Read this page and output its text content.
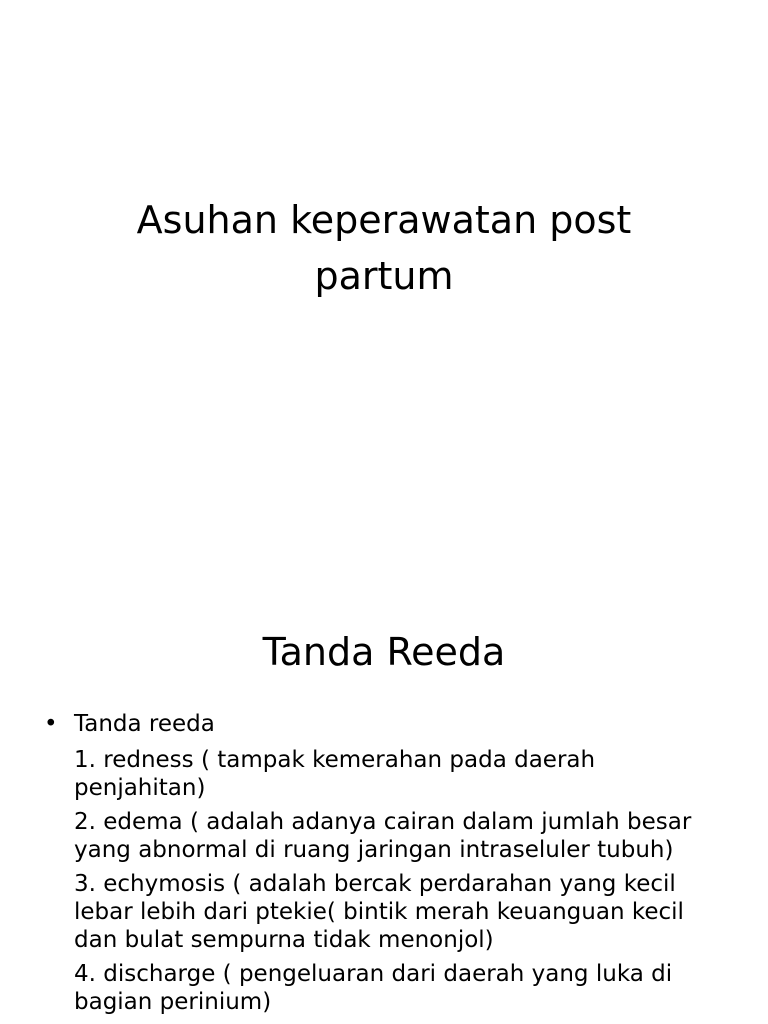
Asuhan keperawatan post
partum
Tanda Reeda
• Tanda reeda

1. redness ( tampak kemerahan pada daerah penjahitan)

2. edema ( adalah adanya cairan dalam jumlah besar yang abnormal di ruang jaringan intraseluler tubuh)

3. echymosis ( adalah bercak perdarahan yang kecil lebar lebih dari ptekie( bintik merah keuanguan kecil dan bulat sempurna tidak menonjol)

4. discharge ( pengeluaran dari daerah yang luka di bagian perinium)
